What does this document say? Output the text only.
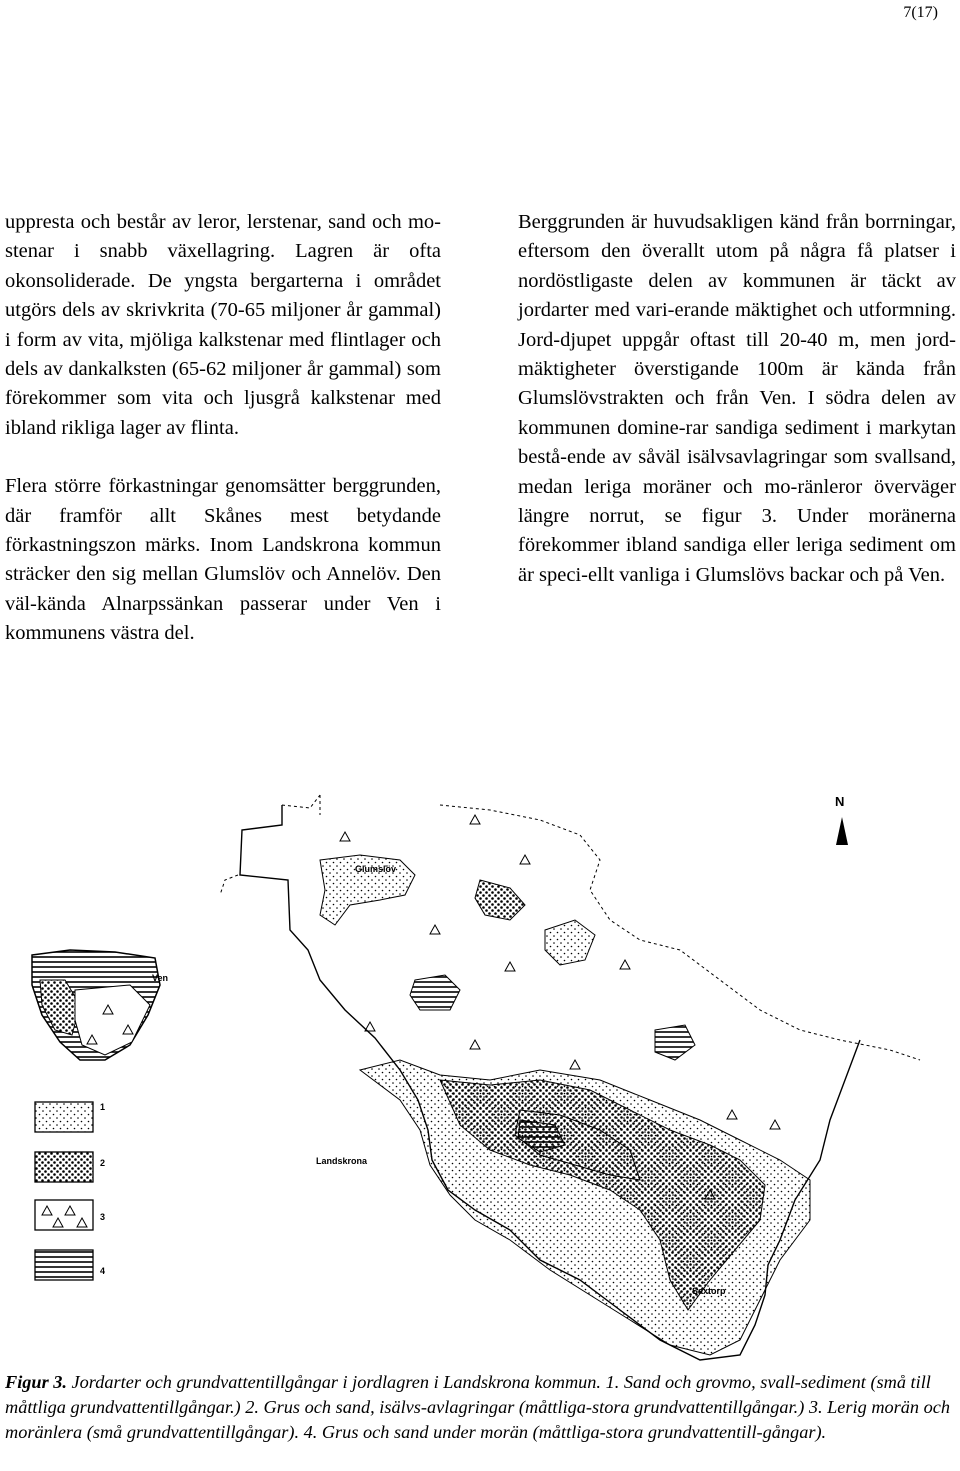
7(17)

uppresta och består av leror, lerstenar, sand och mo-stenar i snabb växellagring. Lagren är ofta okonsoliderade. De yngsta bergarterna i området utgörs dels av skrivkrita (70-65 miljoner år gammal) i form av vita, mjöliga kalkstenar med flintlager och dels av dankalksten (65-62 miljoner år gammal) som förekommer som vita och ljusgrå kalkstenar med ibland rikliga lager av flinta.

Flera större förkastningar genomsätter berggrunden, där framför allt Skånes mest betydande förkastningszon märks. Inom Landskrona kommun sträcker den sig mellan Glumslöv och Annelöv. Den väl-kända Alnarpssänkan passerar under Ven i kommunens västra del.

Berggrunden är huvudsakligen känd från borrningar, eftersom den överallt utom på några få platser i nordöstligaste delen av kommunen är täckt av jordarter med vari-erande mäktighet och utformning. Jord-djupet uppgår oftast till 20-40 m, men jord-mäktigheter överstigande 100m är kända från Glumslövstrakten och från Ven. I södra delen av kommunen domine-rar sandiga sediment i markytan bestå-ende av såväl isälvsavlagringar som svallsand, medan leriga moräner och mo-ränleror överväger längre norrut, se figur 3. Under moränerna förekommer ibland sandiga eller leriga sediment om är speci-ellt vanliga i Glumslövs backar och på Ven.

Ven
Glumslöv
Landskrona
Saxtorp
N
1
2
3
4
Figur 3. Jordarter och grundvattentillgångar i jordlagren i Landskrona kommun. 1. Sand och grovmo, svall-sediment (små till måttliga grundvattentillgångar.) 2. Grus och sand, isälvs-avlagringar (måttliga-stora grundvattentillgångar.) 3. Lerig morän och moränlera (små grundvattentillgångar). 4. Grus och sand under morän (måttliga-stora grundvattentill-gångar).
